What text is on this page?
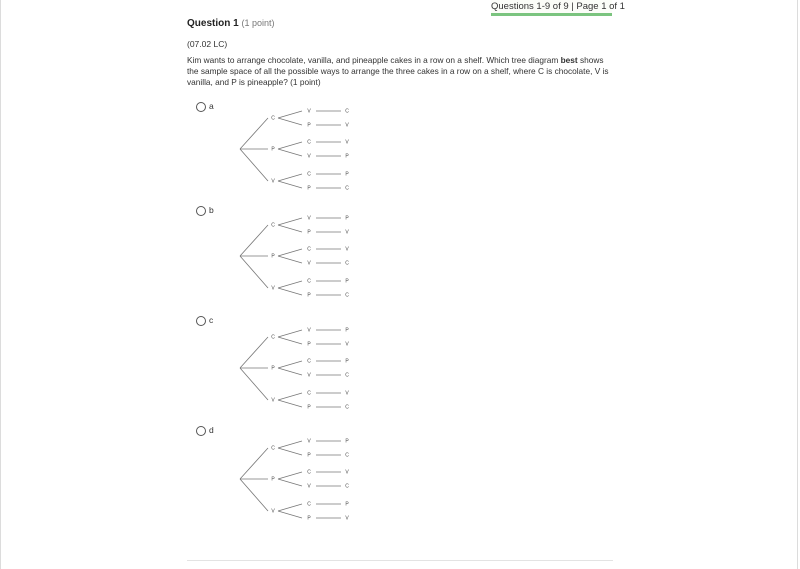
Questions 1-9 of 9 | Page 1 of 1
Question 1 (1 point)
(07.02 LC)
Kim wants to arrange chocolate, vanilla, and pineapple cakes in a row on a shelf. Which tree diagram best shows the sample space of all the possible ways to arrange the three cakes in a row on a shelf, where C is chocolate, V is vanilla, and P is pineapple? (1 point)
a
C
V	C
P	V
P
C	V
V	P
V
C	P
P	C
b
C
V	P
P	V
P
C	V
V	C
V
C	P
P	C
c
C
V	P
P	V
P
C	P
V	C
V
C	V
P	C
d
C
V	P
P	C
P
C	V
V	C
V
C	P
P	V
